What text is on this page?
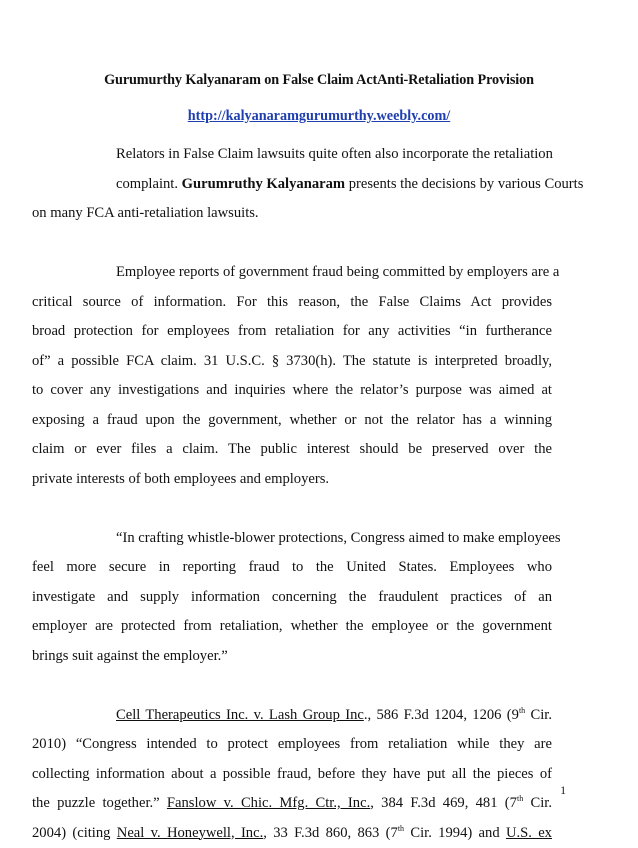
Gurumurthy Kalyanaram on False Claim ActAnti-Retaliation Provision
http://kalyanaramgurumurthy.weebly.com/

Relators in False Claim lawsuits quite often also incorporate the retaliation
complaint. Gurumruthy Kalyanaram presents the decisions by various Courts
on many FCA anti-retaliation lawsuits.

Employee reports of government fraud being committed by employers are a
critical source of information. For this reason, the False Claims Act provides
broad protection for employees from retaliation for any activities “in furtherance
of” a possible FCA claim. 31 U.S.C. § 3730(h). The statute is interpreted broadly,
to cover any investigations and inquiries where the relator’s purpose was aimed at
exposing a fraud upon the government, whether or not the relator has a winning
claim or ever files a claim. The public interest should be preserved over the
private interests of both employees and employers.

“In crafting whistle-blower protections, Congress aimed to make employees
feel more secure in reporting fraud to the United States. Employees who
investigate and supply information concerning the fraudulent practices of an
employer are protected from retaliation, whether the employee or the government
brings suit against the employer.”

Cell Therapeutics Inc. v. Lash Group Inc., 586 F.3d 1204, 1206 (9th Cir.
2010) “Congress intended to protect employees from retaliation while they are
collecting information about a possible fraud, before they have put all the pieces of
the puzzle together.” Fanslow v. Chic. Mfg. Ctr., Inc., 384 F.3d 469, 481 (7th Cir.
2004) (citing Neal v. Honeywell, Inc., 33 F.3d 860, 863 (7th Cir. 1994) and U.S. ex

1
